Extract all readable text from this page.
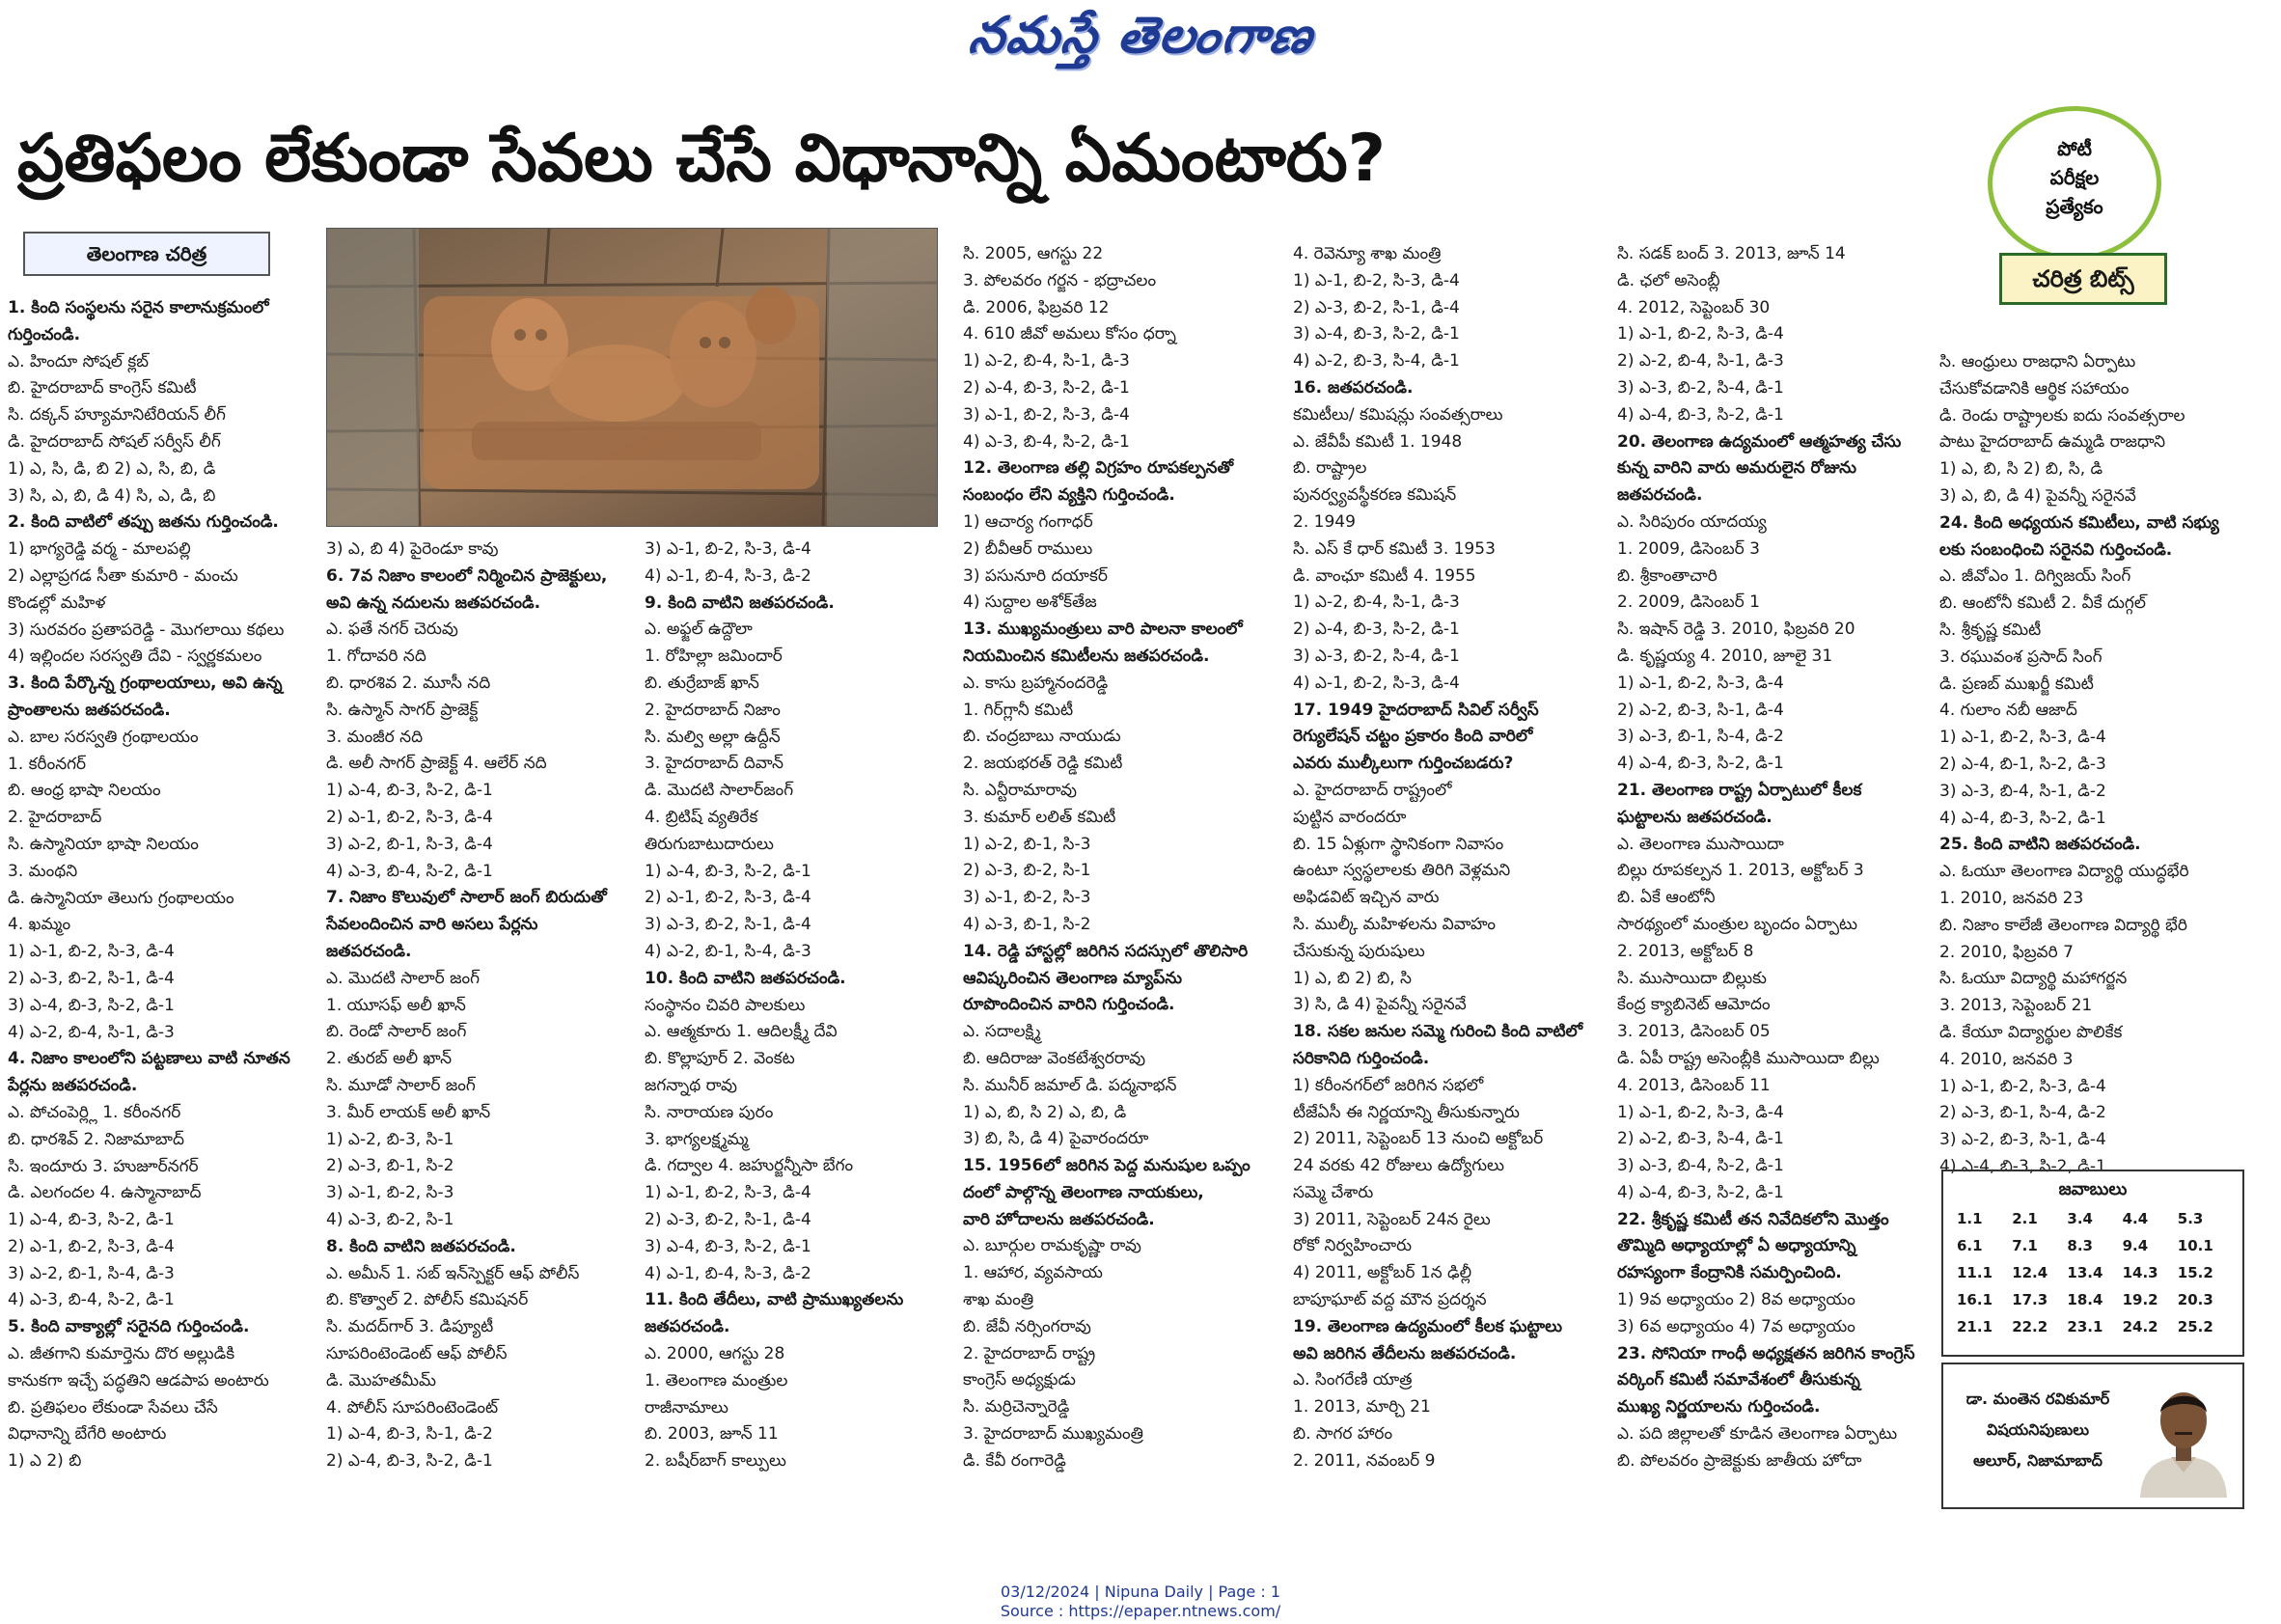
నమస్తే తెలంగాణ
ప్రతిఫలం లేకుండా సేవలు చేసే విధానాన్ని ఏమంటారు?	పోటీ
పరీక్షల
ప్రత్యేకం
చరిత్ర బిట్స్
తెలంగాణ చరిత్ర

1. కింది సంస్థలను సరైన కాలానుక్రమంలో

గుర్తించండి.

ఎ. హిందూ సోషల్ క్లబ్

బి. హైదరాబాద్ కాంగ్రెస్ కమిటీ

సి. దక్కన్ హ్యూమానిటేరియన్ లీగ్

డి. హైదరాబాద్ సోషల్ సర్వీస్ లీగ్

1) ఎ, సి, డి, బి 2) ఎ, సి, బి, డి

3) సి, ఎ, బి, డి 4) సి, ఎ, డి, బి

2. కింది వాటిలో తప్పు జతను గుర్తించండి.

1) భాగ్యరెడ్డి వర్మ - మాలపల్లి

2) ఎల్లాప్రగడ సీతా కుమారి - మంచు

కొండల్లో మహిళ

3) సురవరం ప్రతాపరెడ్డి - మొగలాయి కథలు

4) ఇల్లిందల సరస్వతి దేవి - స్వర్ణకమలం

3. కింది పేర్కొన్న గ్రంథాలయాలు, అవి ఉన్న

ప్రాంతాలను జతపరచండి.

ఎ. బాల సరస్వతి గ్రంథాలయం

1. కరీంనగర్

బి. ఆంధ్ర భాషా నిలయం

2. హైదరాబాద్

సి. ఉస్మానియా భాషా నిలయం

3. మంథని

డి. ఉస్మానియా తెలుగు గ్రంథాలయం

4. ఖమ్మం

1) ఎ-1, బి-2, సి-3, డి-4

2) ఎ-3, బి-2, సి-1, డి-4

3) ఎ-4, బి-3, సి-2, డి-1

4) ఎ-2, బి-4, సి-1, డి-3

4. నిజాం కాలంలోని పట్టణాలు వాటి నూతన

పేర్లను జతపరచండి.

ఎ. పోచంపెర్ల్లి 1. కరీంనగర్

బి. ధారశివ్ 2. నిజామాబాద్

సి. ఇందూరు 3. హుజూర్‌నగర్

డి. ఎలగందల 4. ఉస్మానాబాద్

1) ఎ-4, బి-3, సి-2, డి-1

2) ఎ-1, బి-2, సి-3, డి-4

3) ఎ-2, బి-1, సి-4, డి-3

4) ఎ-3, బి-4, సి-2, డి-1

5. కింది వాక్యాల్లో సరైనది గుర్తించండి.

ఎ. జీతగాని కుమార్తెను దొర అల్లుడికి

కానుకగా ఇచ్చే పద్ధతిని ఆడపాప అంటారు

బి. ప్రతిఫలం లేకుండా సేవలు చేసే

విధానాన్ని బేగేరి అంటారు

1) ఎ 2) బి

3) ఎ, బి 4) పైరెండూ కావు

6. 7వ నిజాం కాలంలో నిర్మించిన ప్రాజెక్టులు,

అవి ఉన్న నదులను జతపరచండి.

ఎ. ఫతే నగర్ చెరువు

1. గోదావరి నది

బి. ధారశివ 2. మూసీ నది

సి. ఉస్మాన్ సాగర్ ప్రాజెక్ట్

3. మంజీర నది

డి. అలీ సాగర్ ప్రాజెక్ట్ 4. ఆలేర్ నది

1) ఎ-4, బి-3, సి-2, డి-1

2) ఎ-1, బి-2, సి-3, డి-4

3) ఎ-2, బి-1, సి-3, డి-4

4) ఎ-3, బి-4, సి-2, డి-1

7. నిజాం కొలువులో సాలార్ జంగ్ బిరుదుతో

సేవలందించిన వారి అసలు పేర్లను

జతపరచండి.

ఎ. మొదటి సాలార్ జంగ్

1. యూసఫ్ అలీ ఖాన్

బి. రెండో సాలార్ జంగ్

2. తురబ్ అలీ ఖాన్

సి. మూడో సాలార్ జంగ్

3. మీర్ లాయక్ అలీ ఖాన్

1) ఎ-2, బి-3, సి-1

2) ఎ-3, బి-1, సి-2

3) ఎ-1, బి-2, సి-3

4) ఎ-3, బి-2, సి-1

8. కింది వాటిని జతపరచండి.

ఎ. అమీన్ 1. సబ్ ఇన్‌స్పెక్టర్ ఆఫ్ పోలీస్

బి. కొత్వాల్ 2. పోలీస్ కమిషనర్

సి. మదద్‌గార్ 3. డిప్యూటీ

సూపరింటెండెంట్ ఆఫ్ పోలీస్

డి. మొహతమీమ్

4. పోలీస్ సూపరింటెండెంట్

1) ఎ-4, బి-3, సి-1, డి-2

2) ఎ-4, బి-3, సి-2, డి-1

3) ఎ-1, బి-2, సి-3, డి-4

4) ఎ-1, బి-4, సి-3, డి-2

9. కింది వాటిని జతపరచండి.

ఎ. అఫ్జల్ ఉద్దౌలా

1. రోహిల్లా జమిందార్

బి. తుర్రేబాజ్ ఖాన్

2. హైదరాబాద్ నిజాం

సి. మల్వి అల్లా ఉద్దీన్

3. హైదరాబాద్ దివాన్

డి. మొదటి సాలార్‌జంగ్

4. బ్రిటిష్ వ్యతిరేక

తిరుగుబాటుదారులు

1) ఎ-4, బి-3, సి-2, డి-1

2) ఎ-1, బి-2, సి-3, డి-4

3) ఎ-3, బి-2, సి-1, డి-4

4) ఎ-2, బి-1, సి-4, డి-3

10. కింది వాటిని జతపరచండి.

సంస్థానం చివరి పాలకులు

ఎ. ఆత్మకూరు 1. ఆదిలక్ష్మీ దేవి

బి. కొల్లాపూర్ 2. వెంకట

జగన్నాథ రావు

సి. నారాయణ పురం

3. భాగ్యలక్ష్మమ్మ

డి. గద్వాల 4. జహుర్జన్నీసా బేగం

1) ఎ-1, బి-2, సి-3, డి-4

2) ఎ-3, బి-2, సి-1, డి-4

3) ఎ-4, బి-3, సి-2, డి-1

4) ఎ-1, బి-4, సి-3, డి-2

11. కింది తేదీలు, వాటి ప్రాముఖ్యతలను

జతపరచండి.

ఎ. 2000, ఆగస్టు 28

1. తెలంగాణ మంత్రుల

రాజీనామాలు

బి. 2003, జూన్ 11

2. బషీర్‌బాగ్ కాల్పులు

సి. 2005, ఆగస్టు 22

3. పోలవరం గర్జన - భద్రాచలం

డి. 2006, ఫిబ్రవరి 12

4. 610 జీవో అమలు కోసం ధర్నా

1) ఎ-2, బి-4, సి-1, డి-3

2) ఎ-4, బి-3, సి-2, డి-1

3) ఎ-1, బి-2, సి-3, డి-4

4) ఎ-3, బి-4, సి-2, డి-1

12. తెలంగాణ తల్లి విగ్రహం రూపకల్పనతో

సంబంధం లేని వ్యక్తిని గుర్తించండి.

1) ఆచార్య గంగాధర్

2) బీవీఆర్ రాములు

3) పసునూరి దయాకర్

4) సుద్దాల అశోక్‌తేజ

13. ముఖ్యమంత్రులు వారి పాలనా కాలంలో

నియమించిన కమిటీలను జతపరచండి.

ఎ. కాసు బ్రహ్మానందరెడ్డి

1. గిర్‌గ్లానీ కమిటీ

బి. చంద్రబాబు నాయుడు

2. జయభరత్ రెడ్డి కమిటీ

సి. ఎన్టీరామారావు

3. కుమార్ లలిత్ కమిటీ

1) ఎ-2, బి-1, సి-3

2) ఎ-3, బి-2, సి-1

3) ఎ-1, బి-2, సి-3

4) ఎ-3, బి-1, సి-2

14. రెడ్డి హాస్టల్లో జరిగిన సదస్సులో తొలిసారి

ఆవిష్కరించిన తెలంగాణ మ్యాప్‌ను

రూపొందించిన వారిని గుర్తించండి.

ఎ. సదాలక్ష్మి

బి. ఆదిరాజు వెంకటేశ్వరరావు

సి. మునీర్ జమాల్ డి. పద్మనాభన్

1) ఎ, బి, సి 2) ఎ, బి, డి

3) బి, సి, డి 4) పైవారందరూ

15. 1956లో జరిగిన పెద్ద మనుషుల ఒప్పం

దంలో పాల్గొన్న తెలంగాణ నాయకులు,

వారి హోదాలను జతపరచండి.

ఎ. బూర్గుల రామకృష్ణా రావు

1. ఆహార, వ్యవసాయ

శాఖ మంత్రి

బి. జేవీ నర్సింగరావు

2. హైదరాబాద్ రాష్ట్ర

కాంగ్రెస్ అధ్యక్షుడు

సి. మర్రిచెన్నారెడ్డి

3. హైదరాబాద్ ముఖ్యమంత్రి

డి. కేవీ రంగారెడ్డి

4. రెవెన్యూ శాఖ మంత్రి

1) ఎ-1, బి-2, సి-3, డి-4

2) ఎ-3, బి-2, సి-1, డి-4

3) ఎ-4, బి-3, సి-2, డి-1

4) ఎ-2, బి-3, సి-4, డి-1

16. జతపరచండి.

కమిటీలు/ కమిషన్లు సంవత్సరాలు

ఎ. జేవీపీ కమిటీ 1. 1948

బి. రాష్ట్రాల

పునర్వ్యవస్థీకరణ కమిషన్

2. 1949

సి. ఎస్ కే ధార్ కమిటీ 3. 1953

డి. వాంఛూ కమిటీ 4. 1955

1) ఎ-2, బి-4, సి-1, డి-3

2) ఎ-4, బి-3, సి-2, డి-1

3) ఎ-3, బి-2, సి-4, డి-1

4) ఎ-1, బి-2, సి-3, డి-4

17. 1949 హైదరాబాద్ సివిల్ సర్వీస్

రెగ్యులేషన్ చట్టం ప్రకారం కింది వారిలో

ఎవరు ముల్కీలుగా గుర్తించబడరు?

ఎ. హైదరాబాద్ రాష్ట్రంలో

పుట్టిన వారందరూ

బి. 15 ఏళ్లుగా స్థానికంగా నివాసం

ఉంటూ స్వస్థలాలకు తిరిగి వెళ్లమని

అఫిడవిట్ ఇచ్చిన వారు

సి. ముల్కీ మహిళలను వివాహం

చేసుకున్న పురుషులు

1) ఎ, బి 2) బి, సి

3) సి, డి 4) పైవన్నీ సరైనవే

18. సకల జనుల సమ్మె గురించి కింది వాటిలో

సరికానిది గుర్తించండి.

1) కరీంనగర్‌లో జరిగిన సభలో

టీజేఏసీ ఈ నిర్ణయాన్ని తీసుకున్నారు

2) 2011, సెప్టెంబర్ 13 నుంచి అక్టోబర్

24 వరకు 42 రోజులు ఉద్యోగులు

సమ్మె చేశారు

3) 2011, సెప్టెంబర్ 24న రైలు

రోకో నిర్వహించారు

4) 2011, అక్టోబర్ 1న ఢిల్లీ

బాపూఘాట్ వద్ద మౌన ప్రదర్శన

19. తెలంగాణ ఉద్యమంలో కీలక ఘట్టాలు

అవి జరిగిన తేదీలను జతపరచండి.

ఎ. సింగరేణి యాత్ర

1. 2013, మార్చి 21

బి. సాగర హారం

2. 2011, నవంబర్ 9

సి. సడక్ బంద్ 3. 2013, జూన్ 14

డి. ఛలో అసెంబ్లీ

4. 2012, సెప్టెంబర్ 30

1) ఎ-1, బి-2, సి-3, డి-4

2) ఎ-2, బి-4, సి-1, డి-3

3) ఎ-3, బి-2, సి-4, డి-1

4) ఎ-4, బి-3, సి-2, డి-1

20. తెలంగాణ ఉద్యమంలో ఆత్మహత్య చేసు

కున్న వారిని వారు అమరులైన రోజును

జతపరచండి.

ఎ. సిరిపురం యాదయ్య

1. 2009, డిసెంబర్ 3

బి. శ్రీకాంతాచారి

2. 2009, డిసెంబర్ 1

సి. ఇషాన్ రెడ్డి 3. 2010, ఫిబ్రవరి 20

డి. కృష్ణయ్య 4. 2010, జూలై 31

1) ఎ-1, బి-2, సి-3, డి-4

2) ఎ-2, బి-3, సి-1, డి-4

3) ఎ-3, బి-1, సి-4, డి-2

4) ఎ-4, బి-3, సి-2, డి-1

21. తెలంగాణ రాష్ట్ర ఏర్పాటులో కీలక

ఘట్టాలను జతపరచండి.

ఎ. తెలంగాణ ముసాయిదా

బిల్లు రూపకల్పన 1. 2013, అక్టోబర్ 3

బి. ఏకే ఆంటోనీ

సారథ్యంలో మంత్రుల బృందం ఏర్పాటు

2. 2013, అక్టోబర్ 8

సి. ముసాయిదా బిల్లుకు

కేంద్ర క్యాబినెట్ ఆమోదం

3. 2013, డిసెంబర్ 05

డి. ఏపీ రాష్ట్ర అసెంబ్లీకి ముసాయిదా బిల్లు

4. 2013, డిసెంబర్ 11

1) ఎ-1, బి-2, సి-3, డి-4

2) ఎ-2, బి-3, సి-4, డి-1

3) ఎ-3, బి-4, సి-2, డి-1

4) ఎ-4, బి-3, సి-2, డి-1

22. శ్రీకృష్ణ కమిటీ తన నివేదికలోని మొత్తం

తొమ్మిది అధ్యాయాల్లో ఏ అధ్యాయాన్ని

రహస్యంగా కేంద్రానికి సమర్పించింది.

1) 9వ అధ్యాయం 2) 8వ అధ్యాయం

3) 6వ అధ్యాయం 4) 7వ అధ్యాయం

23. సోనియా గాంధీ అధ్యక్షతన జరిగిన కాంగ్రెస్

వర్కింగ్ కమిటీ సమావేశంలో తీసుకున్న

ముఖ్య నిర్ణయాలను గుర్తించండి.

ఎ. పది జిల్లాలతో కూడిన తెలంగాణ ఏర్పాటు

బి. పోలవరం ప్రాజెక్టుకు జాతీయ హోదా

సి. ఆంధ్రులు రాజధాని ఏర్పాటు

చేసుకోవడానికి ఆర్థిక సహాయం

డి. రెండు రాష్ట్రాలకు ఐదు సంవత్సరాల

పాటు హైదరాబాద్ ఉమ్మడి రాజధాని

1) ఎ, బి, సి 2) బి, సి, డి

3) ఎ, బి, డి 4) పైవన్నీ సరైనవే

24. కింది అధ్యయన కమిటీలు, వాటి సభ్యు

లకు సంబంధించి సరైనవి గుర్తించండి.

ఎ. జీవోఎం 1. దిగ్విజయ్ సింగ్

బి. ఆంటోనీ కమిటీ 2. వీకే దుగ్గల్

సి. శ్రీకృష్ణ కమిటీ

3. రఘువంశ ప్రసాద్ సింగ్

డి. ప్రణబ్ ముఖర్జీ కమిటీ

4. గులాం నబీ ఆజాద్

1) ఎ-1, బి-2, సి-3, డి-4

2) ఎ-4, బి-1, సి-2, డి-3

3) ఎ-3, బి-4, సి-1, డి-2

4) ఎ-4, బి-3, సి-2, డి-1

25. కింది వాటిని జతపరచండి.

ఎ. ఓయూ తెలంగాణ విద్యార్థి యుద్ధభేరి

1. 2010, జనవరి 23

బి. నిజాం కాలేజీ తెలంగాణ విద్యార్థి భేరి

2. 2010, ఫిబ్రవరి 7

సి. ఓయూ విద్యార్థి మహాగర్జన

3. 2013, సెప్టెంబర్ 21

డి. కేయూ విద్యార్థుల పొలికేక

4. 2010, జనవరి 3

1) ఎ-1, బి-2, సి-3, డి-4

2) ఎ-3, బి-1, సి-4, డి-2

3) ఎ-2, బి-3, సి-1, డి-4

4) ఎ-4, బి-3, సి-2, డి-1

జవాబులు
1.1	2.1	3.4	4.4	5.3
6.1	7.1	8.3	9.4	10.1
11.1	12.4	13.4	14.3	15.2
16.1	17.3	18.4	19.2	20.3
21.1	22.2	23.1	24.2	25.2
డా. మంతెన రవికుమార్
విషయనిపుణులు
ఆలూర్, నిజామాబాద్
03/12/2024 | Nipuna Daily | Page : 1
Source : https://epaper.ntnews.com/
